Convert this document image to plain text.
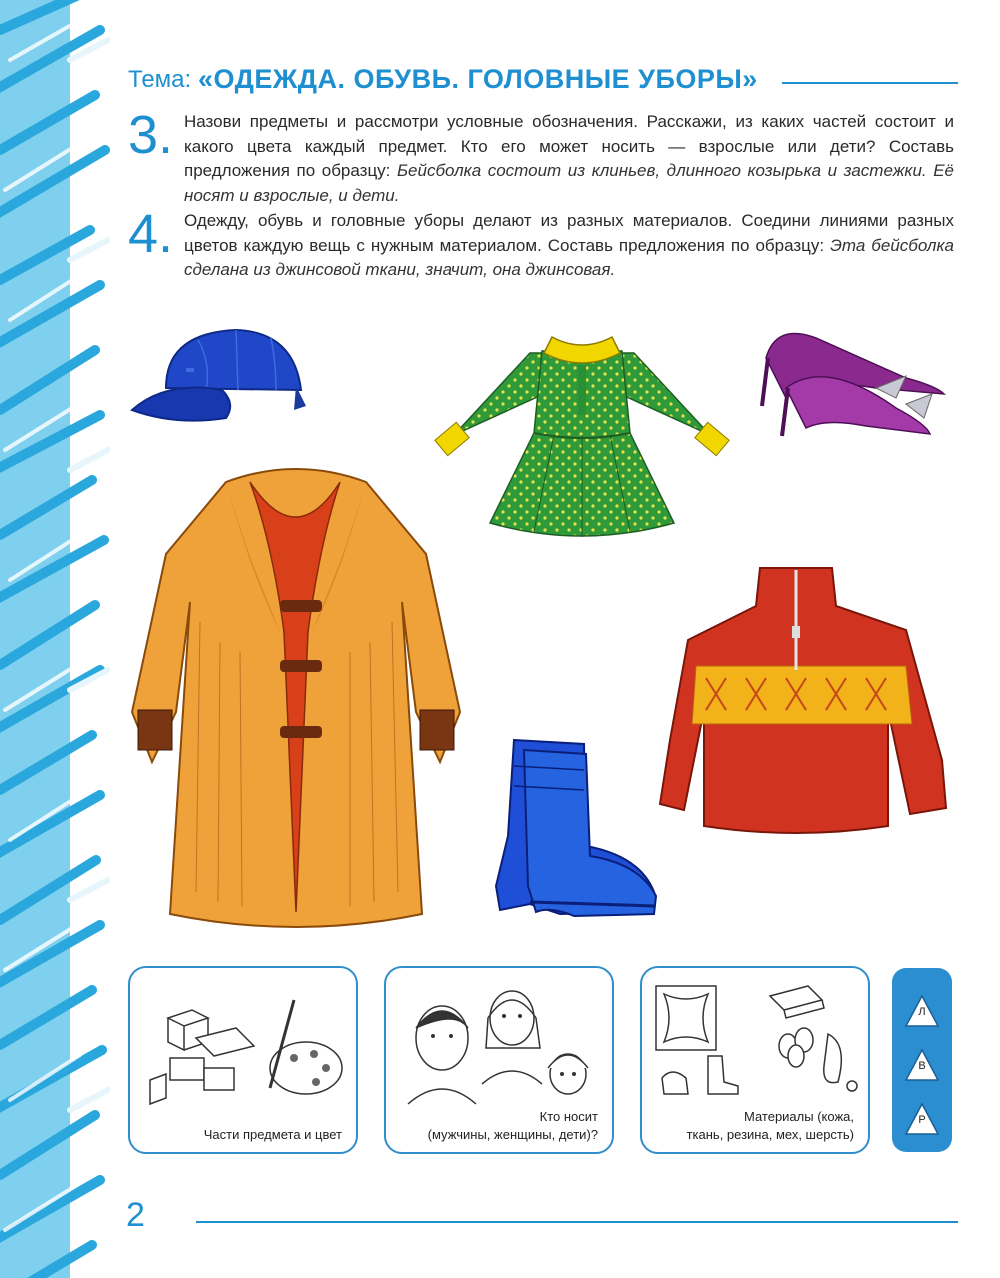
Тема: «ОДЕЖДА. ОБУВЬ. ГОЛОВНЫЕ УБОРЫ»
3. Назови предметы и рассмотри условные обозначения. Расскажи, из каких частей состоит и какого цвета каждый предмет. Кто его может носить — взрослые или дети? Составь предложения по образцу: Бейсболка состоит из клиньев, длинного козырька и застежки. Её носят и взрослые, и дети.
4. Одежду, обувь и головные уборы делают из разных материалов. Соедини линиями разных цветов каждую вещь с нужным материалом. Составь предложения по образцу: Эта бейсболка сделана из джинсовой ткани, значит, она джинсовая.
Части предмета и цвет
Кто носит
(мужчины, женщины, дети)?
Материалы (кожа,
ткань, резина, мех, шерсть)
Л
В
Р
2
